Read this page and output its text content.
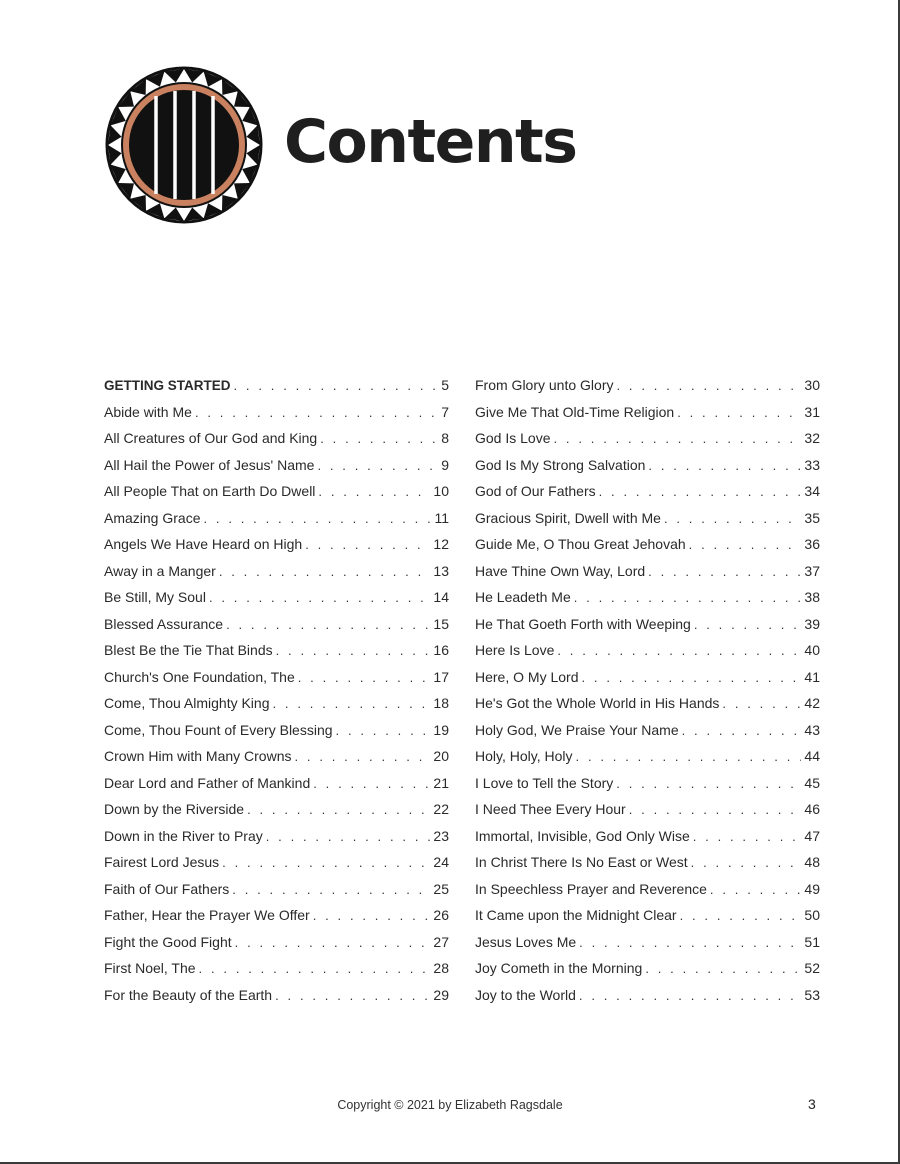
Contents
GETTING STARTED . . .	5
Abide with Me . . .	7
All Creatures of Our God and King . . .	8
All Hail the Power of Jesus' Name . . .	9
All People That on Earth Do Dwell . . .	10
Amazing Grace . . .	11
Angels We Have Heard on High . . .	12
Away in a Manger . . .	13
Be Still, My Soul . . .	14
Blessed Assurance . . .	15
Blest Be the Tie That Binds . . .	16
Church's One Foundation, The . . .	17
Come, Thou Almighty King . . .	18
Come, Thou Fount of Every Blessing . . .	19
Crown Him with Many Crowns . . .	20
Dear Lord and Father of Mankind . . .	21
Down by the Riverside . . .	22
Down in the River to Pray . . .	23
Fairest Lord Jesus . . .	24
Faith of Our Fathers . . .	25
Father, Hear the Prayer We Offer . . .	26
Fight the Good Fight . . .	27
First Noel, The . . .	28
For the Beauty of the Earth . . .	29
From Glory unto Glory . . .	30
Give Me That Old-Time Religion . . .	31
God Is Love . . .	32
God Is My Strong Salvation . . .	33
God of Our Fathers . . .	34
Gracious Spirit, Dwell with Me . . .	35
Guide Me, O Thou Great Jehovah . . .	36
Have Thine Own Way, Lord . . .	37
He Leadeth Me . . .	38
He That Goeth Forth with Weeping . . .	39
Here Is Love . . .	40
Here, O My Lord . . .	41
He's Got the Whole World in His Hands . . .	42
Holy God, We Praise Your Name . . .	43
Holy, Holy, Holy . . .	44
I Love to Tell the Story . . .	45
I Need Thee Every Hour . . .	46
Immortal, Invisible, God Only Wise . . .	47
In Christ There Is No East or West . . .	48
In Speechless Prayer and Reverence . . .	49
It Came upon the Midnight Clear . . .	50
Jesus Loves Me . . .	51
Joy Cometh in the Morning . . .	52
Joy to the World . . .	53
Copyright © 2021 by Elizabeth Ragsdale	3
